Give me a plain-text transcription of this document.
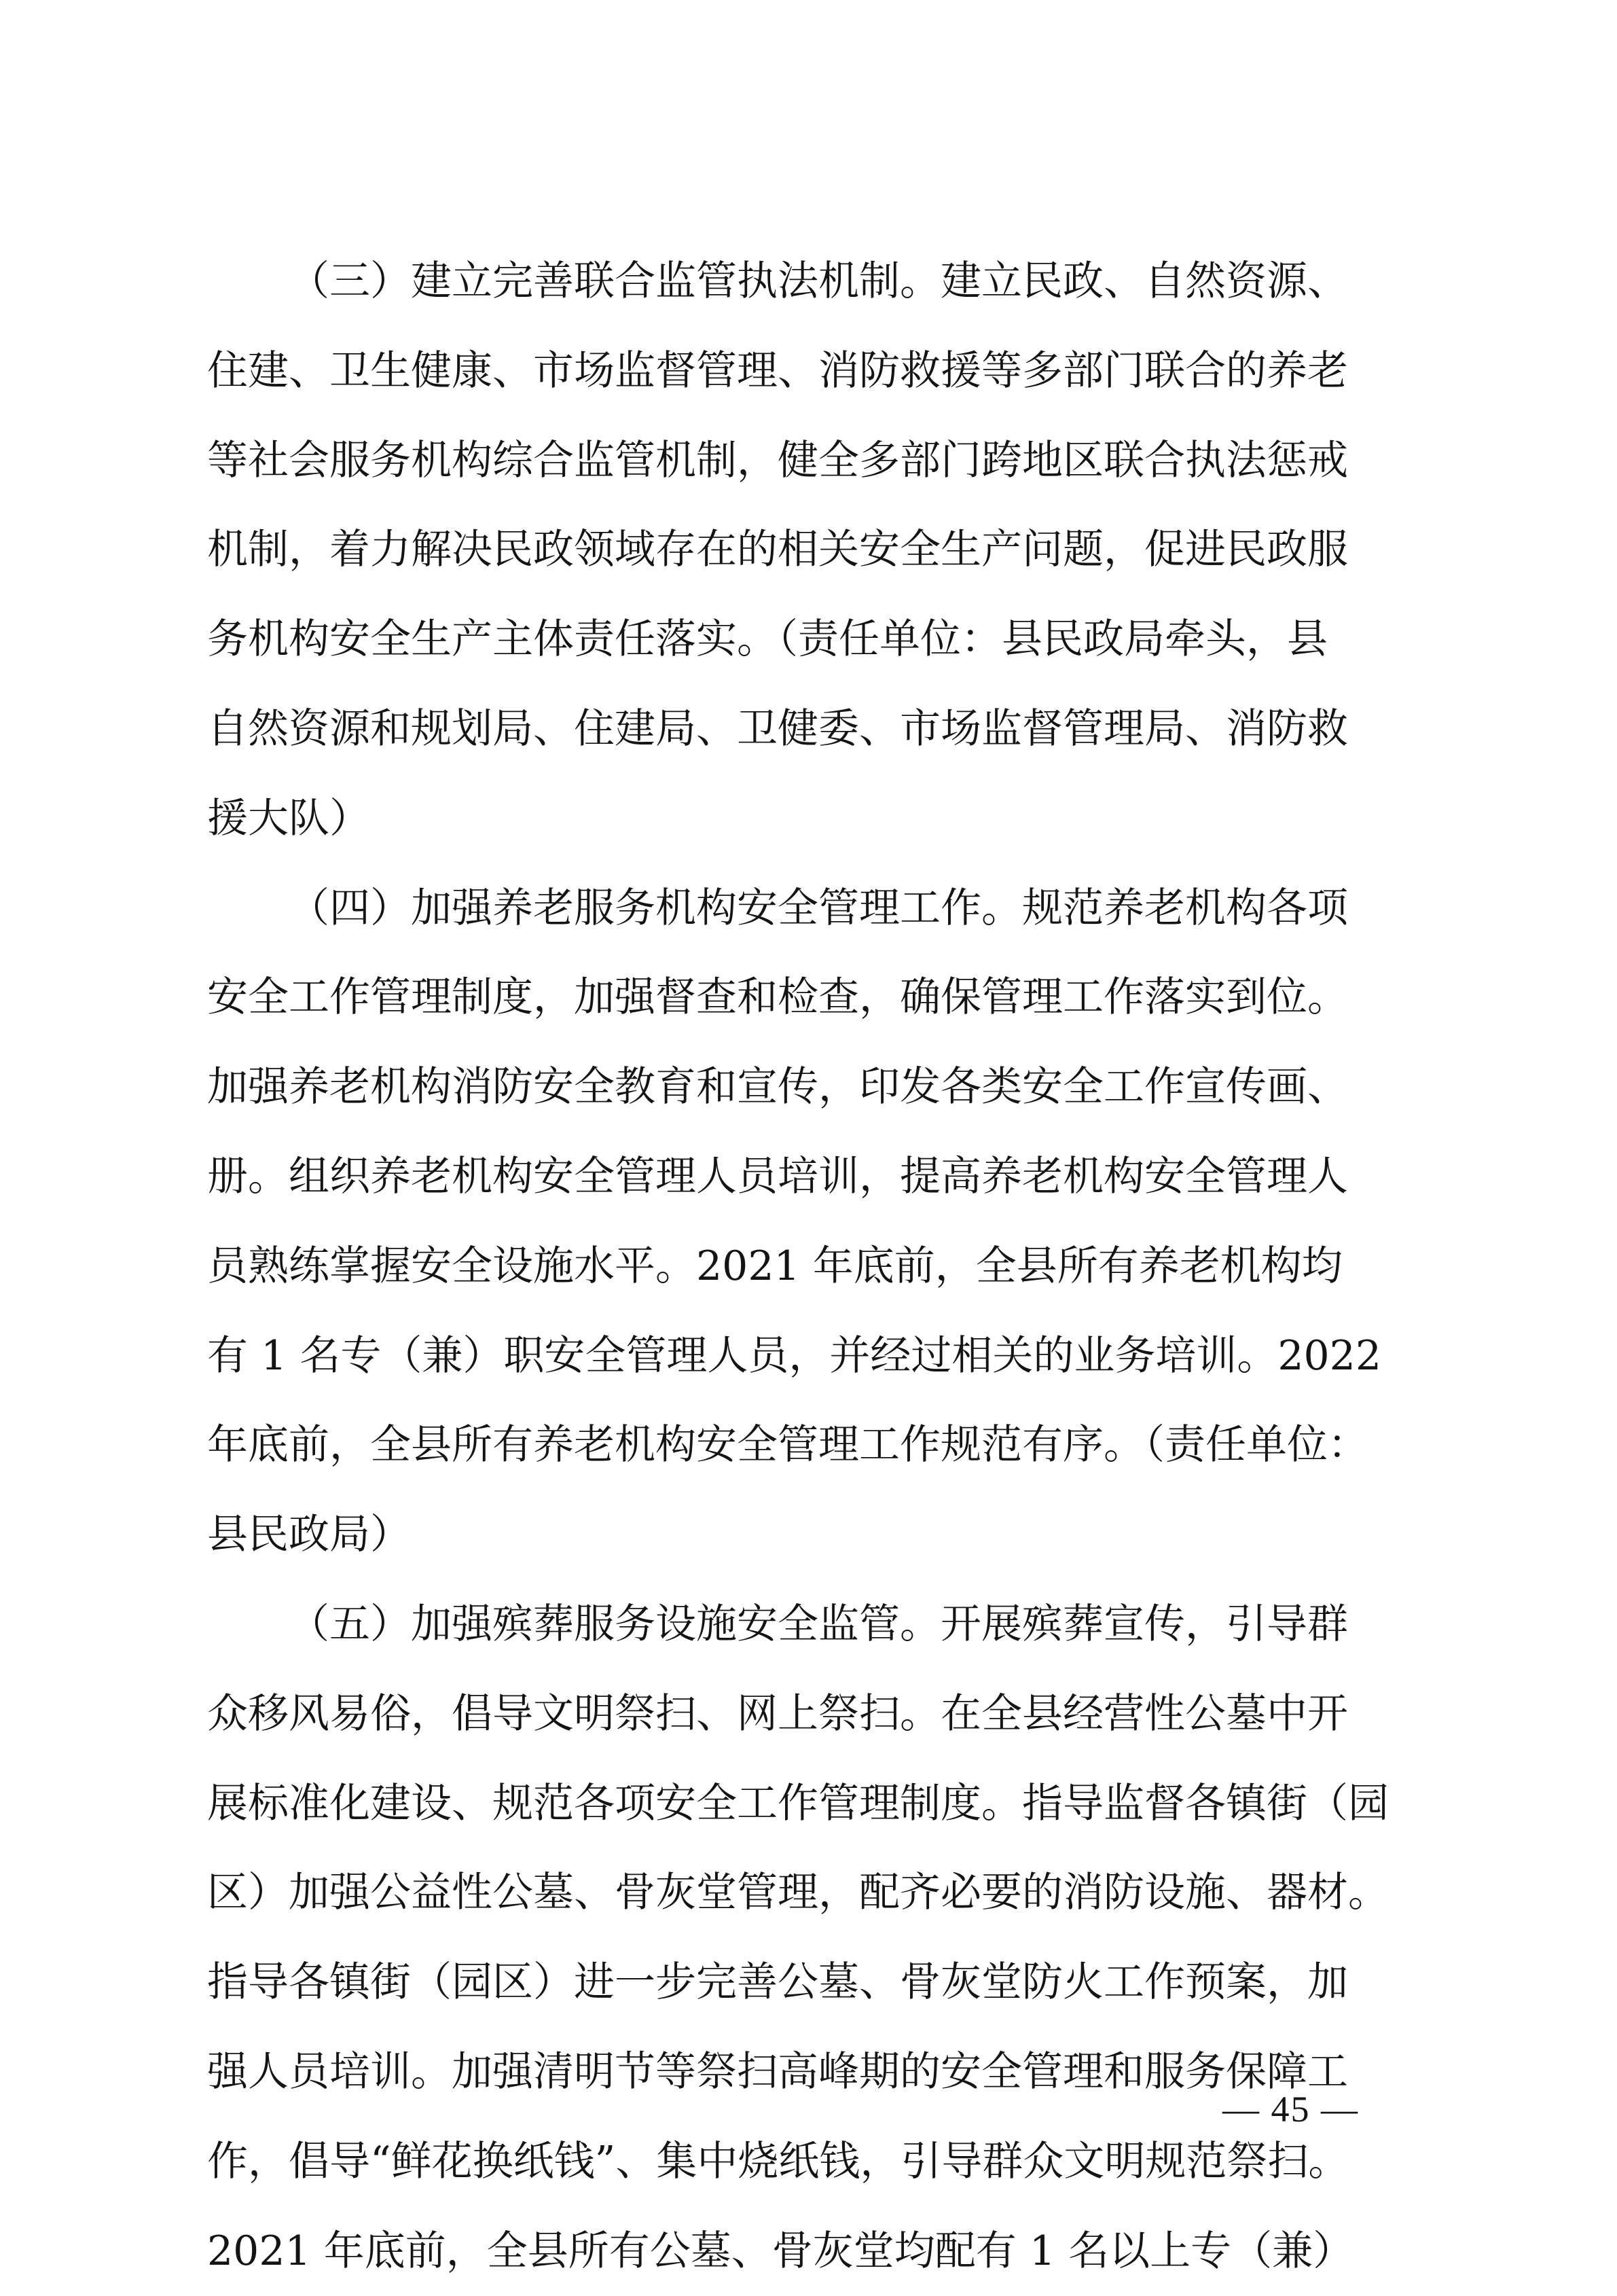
（三）建立完善联合监管执法机制。建立民政、自然资源、
住建、卫生健康、市场监督管理、消防救援等多部门联合的养老
等社会服务机构综合监管机制，健全多部门跨地区联合执法惩戒
机制，着力解决民政领域存在的相关安全生产问题，促进民政服
务机构安全生产主体责任落实。（责任单位：县民政局牵头，县
自然资源和规划局、住建局、卫健委、市场监督管理局、消防救
援大队）
（四）加强养老服务机构安全管理工作。规范养老机构各项
安全工作管理制度，加强督查和检查，确保管理工作落实到位。
加强养老机构消防安全教育和宣传，印发各类安全工作宣传画、
册。组织养老机构安全管理人员培训，提高养老机构安全管理人
员熟练掌握安全设施水平。2021 年底前，全县所有养老机构均
有 1 名专（兼）职安全管理人员，并经过相关的业务培训。2022
年底前，全县所有养老机构安全管理工作规范有序。（责任单位：
县民政局）
（五）加强殡葬服务设施安全监管。开展殡葬宣传，引导群
众移风易俗，倡导文明祭扫、网上祭扫。在全县经营性公墓中开
展标准化建设、规范各项安全工作管理制度。指导监督各镇街（园
区）加强公益性公墓、骨灰堂管理，配齐必要的消防设施、器材。
指导各镇街（园区）进一步完善公墓、骨灰堂防火工作预案，加
强人员培训。加强清明节等祭扫高峰期的安全管理和服务保障工
作，倡导“鲜花换纸钱”、集中烧纸钱，引导群众文明规范祭扫。
2021 年底前，全县所有公墓、骨灰堂均配有 1 名以上专（兼）
— 45 —
